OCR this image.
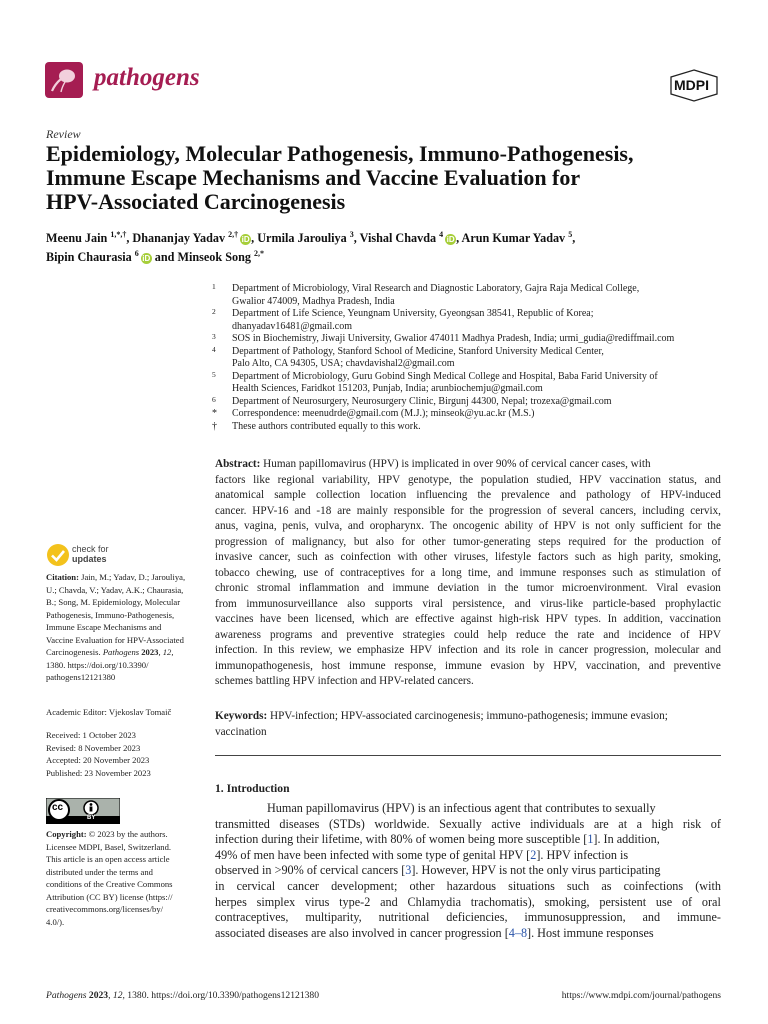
pathogens	MDPI
Review
Epidemiology, Molecular Pathogenesis, Immuno-Pathogenesis,
Immune Escape Mechanisms and Vaccine Evaluation for
HPV-Associated Carcinogenesis
Meenu Jain $^{1,*,\dagger}$, Dhananjay Yadav $^{2,\dagger}$iD , Urmila Jarouliya $^3$, Vishal Chavda $^4$iD , Arun Kumar Yadav $^5$,
Bipin Chaurasia $^6$iD and Minseok Song $^{2,*}$
1 Department of Microbiology, Viral Research and Diagnostic Laboratory, Gajra Raja Medical College,
Gwalior 474009, Madhya Pradesh, India
2 Department of Life Science, Yeungnam University, Gyeongsan 38541, Republic of Korea;
dhanyadav16481@gmail.com
3 SOS in Biochemistry, Jiwaji University, Gwalior 474011 Madhya Pradesh, India; urmi_gudia@rediffmail.com
4 Department of Pathology, Stanford School of Medicine, Stanford University Medical Center,
Palo Alto, CA 94305, USA; chavdavishal2@gmail.com
5 Department of Microbiology, Guru Gobind Singh Medical College and Hospital, Baba Farid University of
Health Sciences, Faridkot 151203, Punjab, India; arunbiochemju@gmail.com
6 Department of Neurosurgery, Neurosurgery Clinic, Birgunj 44300, Nepal; trozexa@gmail.com
* Correspondence: meenudrde@gmail.com (M.J.); minseok@yu.ac.kr (M.S.)
† These authors contributed equally to this work.
Abstract: Human papillomavirus (HPV) is implicated in over 90% of cervical cancer cases, with
factors like regional variability, HPV genotype, the population studied, HPV vaccination status, and
anatomical sample collection location influencing the prevalence and pathology of HPV-induced
cancer. HPV-16 and -18 are mainly responsible for the progression of several cancers, including cervix,
anus, vagina, penis, vulva, and oropharynx. The oncogenic ability of HPV is not only sufficient for the
progression of malignancy, but also for other tumor-generating steps required for the production of
invasive cancer, such as coinfection with other viruses, lifestyle factors such as high parity, smoking,
tobacco chewing, use of contraceptives for a long time, and immune responses such as stimulation of
chronic stromal inflammation and immune deviation in the tumor microenvironment. Viral evasion
from immunosurveillance also supports viral persistence, and virus-like particle-based prophylactic
vaccines have been licensed, which are effective against high-risk HPV types. In addition, vaccination
awareness programs and preventive strategies could help reduce the rate and incidence of HPV
infection. In this review, we emphasize HPV infection and its role in cancer progression, molecular and
immunopathogenesis, host immune response, immune evasion by HPV, vaccination, and preventive
schemes battling HPV infection and HPV-related cancers.
Keywords: HPV-infection; HPV-associated carcinogenesis; immuno-pathogenesis; immune evasion;
vaccination
1. Introduction
Human papillomavirus (HPV) is an infectious agent that contributes to sexually
transmitted diseases (STDs) worldwide. Sexually active individuals are at a high risk of
infection during their lifetime, with 80% of women being more susceptible [1]. In addition,
49% of men have been infected with some type of genital HPV [2]. HPV infection is
observed in >90% of cervical cancers [3]. However, HPV is not the only virus participating
in cervical cancer development; other hazardous situations such as coinfections (with
herpes simplex virus type-2 and Chlamydia trachomatis), smoking, persistent use of oral
contraceptives, multiparity, nutritional deficiencies, immunosuppression, and immune-
associated diseases are also involved in cancer progression [4–8]. Host immune responses
check for
updates
Citation: Jain, M.; Yadav, D.; Jarouliya,
U.; Chavda, V.; Yadav, A.K.; Chaurasia,
B.; Song, M. Epidemiology, Molecular
Pathogenesis, Immuno-Pathogenesis,
Immune Escape Mechanisms and
Vaccine Evaluation for HPV-Associated
Carcinogenesis. Pathogens 2023, 12,
1380. https://doi.org/10.3390/
pathogens12121380
Academic Editor: Vjekoslav Tomaič
Received: 1 October 2023
Revised: 8 November 2023
Accepted: 20 November 2023
Published: 23 November 2023
cc
BY
Copyright: © 2023 by the authors.
Licensee MDPI, Basel, Switzerland.
This article is an open access article
distributed under the terms and
conditions of the Creative Commons
Attribution (CC BY) license (https://
creativecommons.org/licenses/by/
4.0/).
Pathogens 2023, 12, 1380. https://doi.org/10.3390/pathogens12121380	https://www.mdpi.com/journal/pathogens
